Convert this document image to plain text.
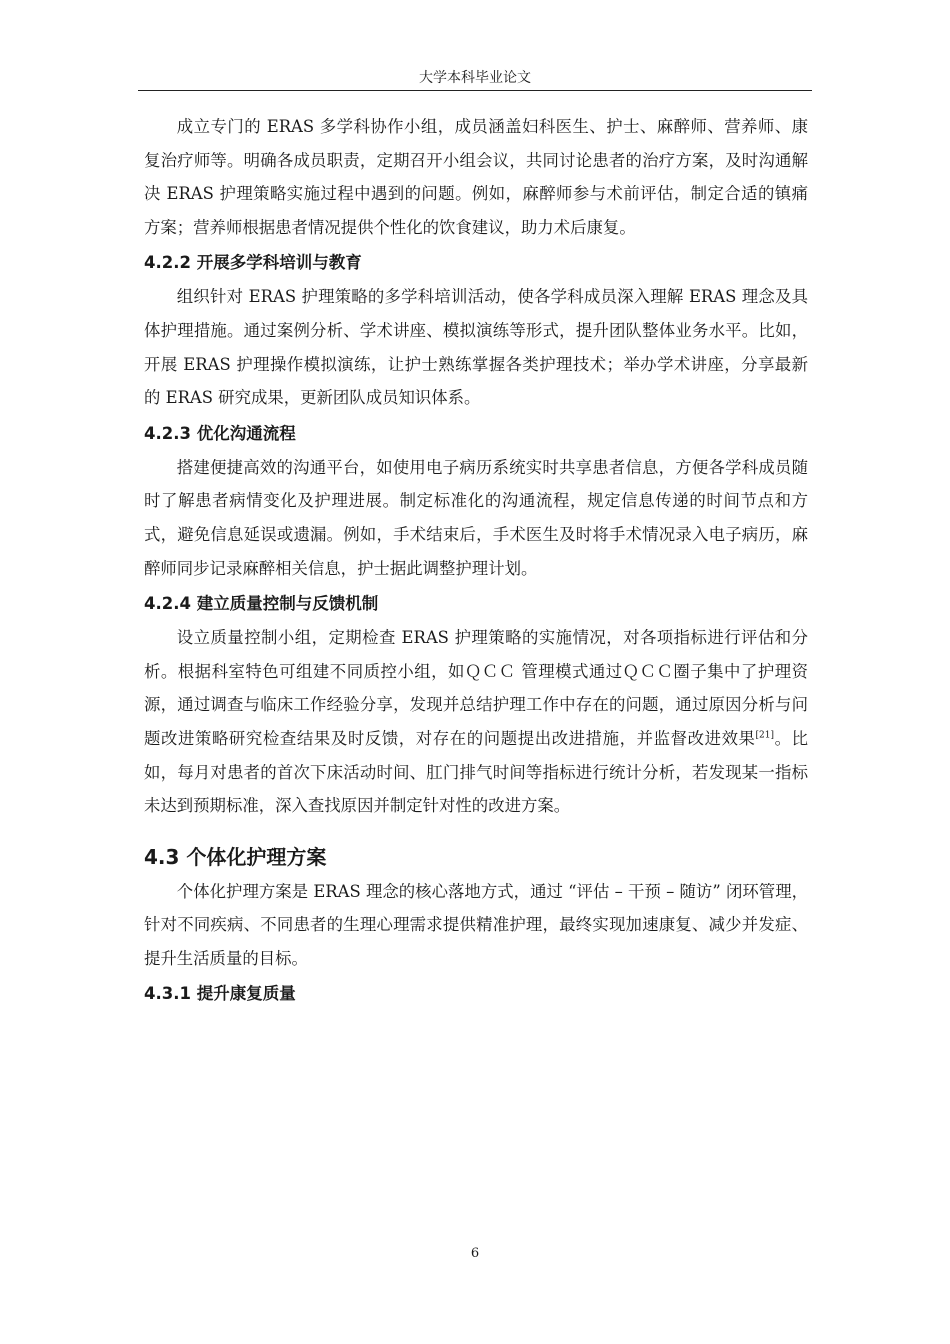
大学本科毕业论文

成立专门的 ERAS 多学科协作小组，成员涵盖妇科医生、护士、麻醉师、营养师、康复治疗师等。明确各成员职责，定期召开小组会议，共同讨论患者的治疗方案，及时沟通解决 ERAS 护理策略实施过程中遇到的问题。例如，麻醉师参与术前评估，制定合适的镇痛方案；营养师根据患者情况提供个性化的饮食建议，助力术后康复。

4.2.2 开展多学科培训与教育

组织针对 ERAS 护理策略的多学科培训活动，使各学科成员深入理解 ERAS 理念及具体护理措施。通过案例分析、学术讲座、模拟演练等形式，提升团队整体业务水平。比如，开展 ERAS 护理操作模拟演练，让护士熟练掌握各类护理技术；举办学术讲座，分享最新的 ERAS 研究成果，更新团队成员知识体系。

4.2.3 优化沟通流程

搭建便捷高效的沟通平台，如使用电子病历系统实时共享患者信息，方便各学科成员随时了解患者病情变化及护理进展。制定标准化的沟通流程，规定信息传递的时间节点和方式，避免信息延误或遗漏。例如，手术结束后，手术医生及时将手术情况录入电子病历，麻醉师同步记录麻醉相关信息，护士据此调整护理计划。

4.2.4 建立质量控制与反馈机制

设立质量控制小组，定期检查 ERAS 护理策略的实施情况，对各项指标进行评估和分析。根据科室特色可组建不同质控小组，如ＱＣＣ 管理模式通过ＱＣＣ圈子集中了护理资源，通过调查与临床工作经验分享，发现并总结护理工作中存在的问题，通过原因分析与问题改进策略研究检查结果及时反馈，对存在的问题提出改进措施，并监督改进效果[21]。比如，每月对患者的首次下床活动时间、肛门排气时间等指标进行统计分析，若发现某一指标未达到预期标准，深入查找原因并制定针对性的改进方案。

4.3 个体化护理方案

个体化护理方案是 ERAS 理念的核心落地方式，通过 “评估 – 干预 – 随访” 闭环管理，针对不同疾病、不同患者的生理心理需求提供精准护理，最终实现加速康复、减少并发症、提升生活质量的目标。

4.3.1 提升康复质量
6
